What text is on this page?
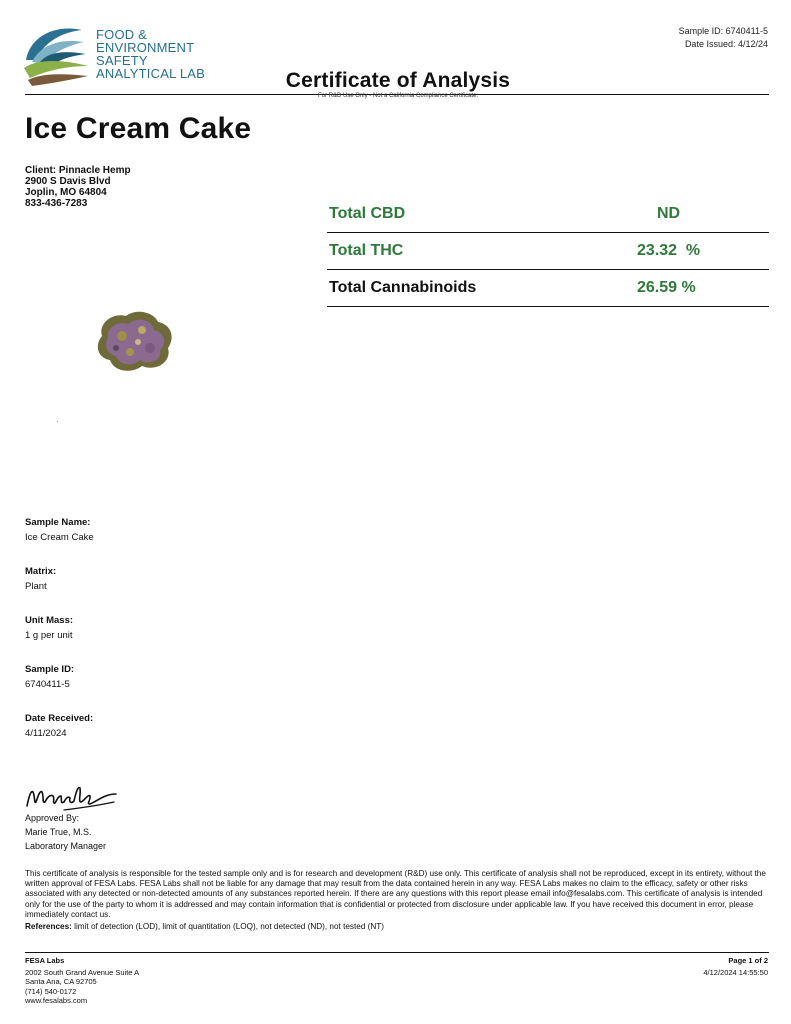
FOOD &
ENVIRONMENT
SAFETY
ANALYTICAL LAB
Sample ID: 6740411-5
Date Issued: 4/12/24
Certificate of Analysis
For R&D Use Only - Not a California Compliance Certificate.
Ice Cream Cake
Client: Pinnacle Hemp
2900 S Davis Blvd
Joplin, MO 64804
833-436-7283
Total CBD	ND
Total THC	23.32  %
Total Cannabinoids	26.59 %
Sample Name:
Ice Cream Cake
Matrix:
Plant
Unit Mass:
1 g per unit
Sample ID:
6740411-5
Date Received:
4/11/2024
Approved By:
Marie True, M.S.
Laboratory Manager
This certificate of analysis is responsible for the tested sample only and is for research and development (R&D) use only. This certificate of analysis shall not be reproduced, except in its entirety, without the written approval of FESA Labs. FESA Labs shall not be liable for any damage that may result from the data contained herein in any way. FESA Labs makes no claim to the efficacy, safety or other risks associated with any detected or non-detected amounts of any substances reported herein. If there are any questions with this report please email info@fesalabs.com. This certificate of analysis is intended only for the use of the party to whom it is addressed and may contain information that is confidential or protected from disclosure under applicable law. If you have received this document in error, please immediately contact us.
References: limit of detection (LOD), limit of quantitation (LOQ), not detected (ND), not tested (NT)
FESA Labs
2002 South Grand Avenue Suite A
Santa Ana, CA 92705
(714) 540-0172
www.fesalabs.com
Page 1 of 2
4/12/2024 14:55:50
